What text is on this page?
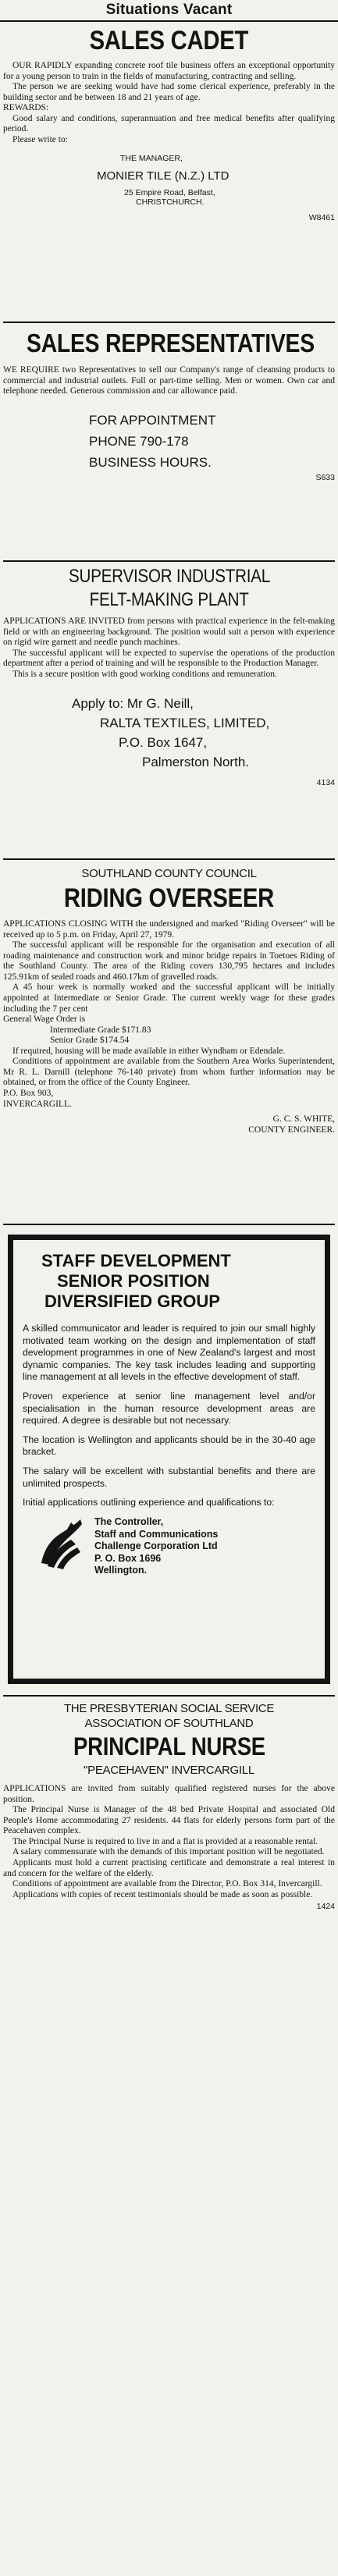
Situations Vacant
SALES CADET

OUR RAPIDLY expanding concrete roof tile business offers an exceptional opportunity for a young person to train in the fields of manufacturing, contracting and selling.

The person we are seeking would have had some clerical experience, preferably in the building sector and be between 18 and 21 years of age.

REWARDS:

Good salary and conditions, superannuation and free medical benefits after qualifying period.

Please write to:

THE MANAGER,
MONIER TILE (N.Z.) LTD
25 Empire Road, Belfast,
CHRISTCHURCH.
W8461
SALES REPRESENTATIVES

WE REQUIRE two Representatives to sell our Company's range of cleansing products to commercial and industrial outlets. Full or part-time selling. Men or women. Own car and telephone needed. Generous commission and car allowance paid.

FOR APPOINTMENT
PHONE 790-178
BUSINESS HOURS.
S633
SUPERVISOR INDUSTRIAL
FELT-MAKING PLANT

APPLICATIONS ARE INVITED from persons with practical experience in the felt-making field or with an engineering background. The position would suit a person with experience on rigid wire garnett and needle punch machines.

The successful applicant will be expected to supervise the operations of the production department after a period of training and will be responsible to the Production Manager.

This is a secure position with good working conditions and remuneration.

Apply to: Mr G. Neill,
RALTA TEXTILES, LIMITED,
P.O. Box 1647,
Palmerston North.
4134
SOUTHLAND COUNTY COUNCIL
RIDING OVERSEER

APPLICATIONS CLOSING WITH the undersigned and marked "Riding Overseer" will be received up to 5 p.m. on Friday, April 27, 1979.

The successful applicant will be responsible for the organisation and execution of all roading maintenance and construction work and minor bridge repairs in Toetoes Riding of the Southland County. The area of the Riding covers 130,795 hectares and includes 125.91km of sealed roads and 460.17km of gravelled roads.

A 45 hour week is normally worked and the successful applicant will be initially appointed at Intermediate or Senior Grade. The current weekly wage for these grades including the 7 per cent

General Wage Order is

Intermediate Grade $171.83

Senior Grade $174.54

If required, housing will be made available in either Wyndham or Edendale.

Conditions of appointment are available from the Southern Area Works Superintendent, Mr R. L. Darnill (telephone 76-140 private) from whom further information may be obtained, or from the office of the County Engineer.

P.O. Box 903,

INVERCARGILL.

G. C. S. WHITE,
COUNTY ENGINEER.
STAFF DEVELOPMENT
SENIOR POSITION
DIVERSIFIED GROUP

A skilled communicator and leader is required to join our small highly motivated team working on the design and implementation of staff development programmes in one of New Zealand's largest and most dynamic companies. The key task includes leading and supporting line management at all levels in the effective development of staff.

Proven experience at senior line management level and/or specialisation in the human resource development areas are required. A degree is desirable but not necessary.

The location is Wellington and applicants should be in the 30-40 age bracket.

The salary will be excellent with substantial benefits and there are unlimited prospects.

Initial applications outlining experience and qualifications to:

The Controller,
Staff and Communications
Challenge Corporation Ltd
P. O. Box 1696
Wellington.
THE PRESBYTERIAN SOCIAL SERVICE
ASSOCIATION OF SOUTHLAND
PRINCIPAL NURSE
"PEACEHAVEN" INVERCARGILL

APPLICATIONS are invited from suitably qualified registered nurses for the above position.

The Principal Nurse is Manager of the 48 bed Private Hospital and associated Old People's Home accommodating 27 residents. 44 flats for elderly persons form part of the Peacehaven complex.

The Principal Nurse is required to live in and a flat is provided at a reasonable rental.

A salary commensurate with the demands of this important position will be negotiated.

Applicants must hold a current practising certificate and demonstrate a real interest in and concern for the welfare of the elderly.

Conditions of appointment are available from the Director, P.O. Box 314, Invercargill.

Applications with copies of recent testimonials should be made as soon as possible.

1424
